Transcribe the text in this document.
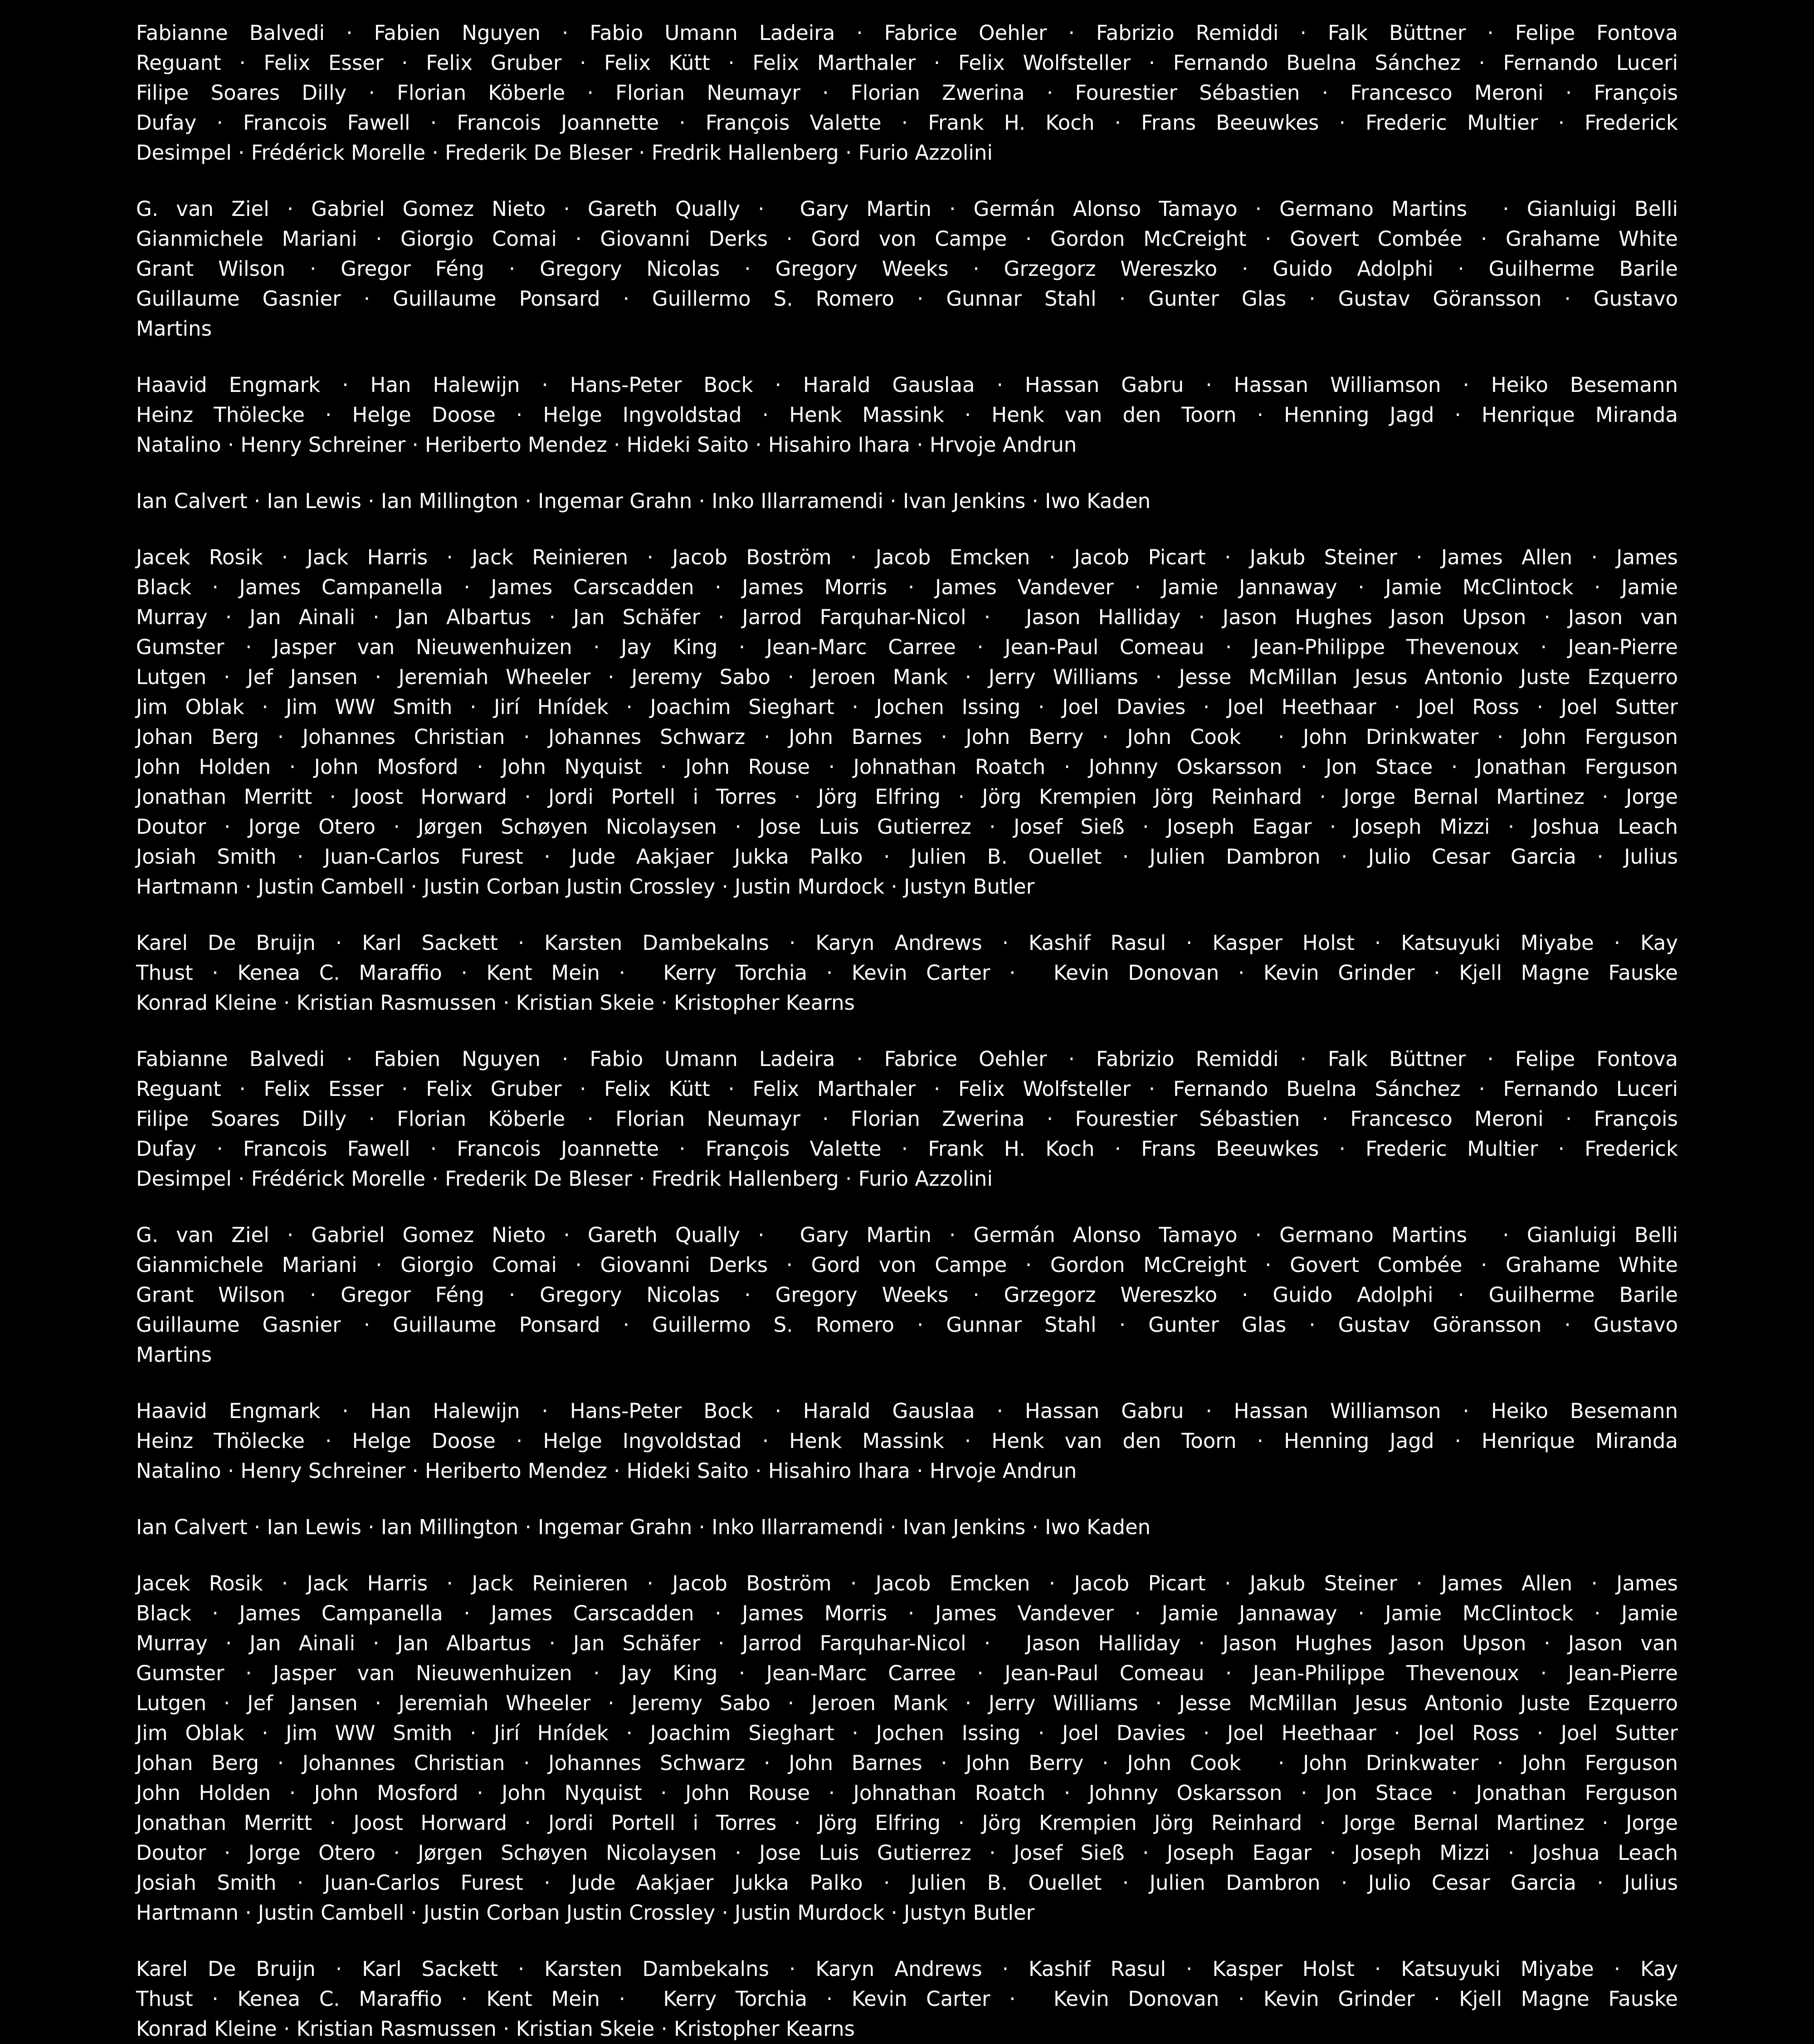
Fabianne Balvedi · Fabien Nguyen · Fabio Umann Ladeira · Fabrice Oehler · Fabrizio Remiddi · Falk Büttner · Felipe Fontova
Reguant · Felix Esser · Felix Gruber · Felix Kütt · Felix Marthaler · Felix Wolfsteller · Fernando Buelna Sánchez · Fernando Luceri
Filipe Soares Dilly · Florian Köberle · Florian Neumayr · Florian Zwerina · Fourestier Sébastien · Francesco Meroni · François
Dufay · Francois Fawell · Francois Joannette · François Valette · Frank H. Koch · Frans Beeuwkes · Frederic Multier · Frederick
Desimpel · Frédérick Morelle · Frederik De Bleser · Fredrik Hallenberg · Furio Azzolini
G. van Ziel · Gabriel Gomez Nieto · Gareth Qually ·  Gary Martin · Germán Alonso Tamayo · Germano Martins  · Gianluigi Belli
Gianmichele Mariani · Giorgio Comai · Giovanni Derks · Gord von Campe · Gordon McCreight · Govert Combée · Grahame White
Grant Wilson · Gregor Féng · Gregory Nicolas · Gregory Weeks · Grzegorz Wereszko · Guido Adolphi · Guilherme Barile
Guillaume Gasnier · Guillaume Ponsard · Guillermo S. Romero · Gunnar Stahl · Gunter Glas · Gustav Göransson · Gustavo
Martins
Haavid Engmark · Han Halewijn · Hans-Peter Bock · Harald Gauslaa · Hassan Gabru · Hassan Williamson · Heiko Besemann
Heinz Thölecke · Helge Doose · Helge Ingvoldstad · Henk Massink · Henk van den Toorn · Henning Jagd · Henrique Miranda
Natalino · Henry Schreiner · Heriberto Mendez · Hideki Saito · Hisahiro Ihara · Hrvoje Andrun
Ian Calvert · Ian Lewis · Ian Millington · Ingemar Grahn · Inko Illarramendi · Ivan Jenkins · Iwo Kaden
Jacek Rosik · Jack Harris · Jack Reinieren · Jacob Boström · Jacob Emcken · Jacob Picart · Jakub Steiner · James Allen · James
Black · James Campanella · James Carscadden · James Morris · James Vandever · Jamie Jannaway · Jamie McClintock · Jamie
Murray · Jan Ainali · Jan Albartus · Jan Schäfer · Jarrod Farquhar-Nicol ·  Jason Halliday · Jason Hughes Jason Upson · Jason van
Gumster · Jasper van Nieuwenhuizen · Jay King · Jean-Marc Carree · Jean-Paul Comeau · Jean-Philippe Thevenoux · Jean-Pierre
Lutgen · Jef Jansen · Jeremiah Wheeler · Jeremy Sabo · Jeroen Mank · Jerry Williams · Jesse McMillan Jesus Antonio Juste Ezquerro
Jim Oblak · Jim WW Smith · Jirí Hnídek · Joachim Sieghart · Jochen Issing · Joel Davies · Joel Heethaar · Joel Ross · Joel Sutter
Johan Berg · Johannes Christian · Johannes Schwarz · John Barnes · John Berry · John Cook  · John Drinkwater · John Ferguson
John Holden · John Mosford · John Nyquist · John Rouse · Johnathan Roatch · Johnny Oskarsson · Jon Stace · Jonathan Ferguson
Jonathan Merritt · Joost Horward · Jordi Portell i Torres · Jörg Elfring · Jörg Krempien Jörg Reinhard · Jorge Bernal Martinez · Jorge
Doutor · Jorge Otero · Jørgen Schøyen Nicolaysen · Jose Luis Gutierrez · Josef Sieß · Joseph Eagar · Joseph Mizzi · Joshua Leach
Josiah Smith · Juan-Carlos Furest · Jude Aakjaer Jukka Palko · Julien B. Ouellet · Julien Dambron · Julio Cesar Garcia · Julius
Hartmann · Justin Cambell · Justin Corban Justin Crossley · Justin Murdock · Justyn Butler
Karel De Bruijn · Karl Sackett · Karsten Dambekalns · Karyn Andrews · Kashif Rasul · Kasper Holst · Katsuyuki Miyabe · Kay
Thust · Kenea C. Maraffio · Kent Mein ·  Kerry Torchia · Kevin Carter ·  Kevin Donovan · Kevin Grinder · Kjell Magne Fauske
Konrad Kleine · Kristian Rasmussen · Kristian Skeie · Kristopher Kearns
Fabianne Balvedi · Fabien Nguyen · Fabio Umann Ladeira · Fabrice Oehler · Fabrizio Remiddi · Falk Büttner · Felipe Fontova
Reguant · Felix Esser · Felix Gruber · Felix Kütt · Felix Marthaler · Felix Wolfsteller · Fernando Buelna Sánchez · Fernando Luceri
Filipe Soares Dilly · Florian Köberle · Florian Neumayr · Florian Zwerina · Fourestier Sébastien · Francesco Meroni · François
Dufay · Francois Fawell · Francois Joannette · François Valette · Frank H. Koch · Frans Beeuwkes · Frederic Multier · Frederick
Desimpel · Frédérick Morelle · Frederik De Bleser · Fredrik Hallenberg · Furio Azzolini
G. van Ziel · Gabriel Gomez Nieto · Gareth Qually ·  Gary Martin · Germán Alonso Tamayo · Germano Martins  · Gianluigi Belli
Gianmichele Mariani · Giorgio Comai · Giovanni Derks · Gord von Campe · Gordon McCreight · Govert Combée · Grahame White
Grant Wilson · Gregor Féng · Gregory Nicolas · Gregory Weeks · Grzegorz Wereszko · Guido Adolphi · Guilherme Barile
Guillaume Gasnier · Guillaume Ponsard · Guillermo S. Romero · Gunnar Stahl · Gunter Glas · Gustav Göransson · Gustavo
Martins
Haavid Engmark · Han Halewijn · Hans-Peter Bock · Harald Gauslaa · Hassan Gabru · Hassan Williamson · Heiko Besemann
Heinz Thölecke · Helge Doose · Helge Ingvoldstad · Henk Massink · Henk van den Toorn · Henning Jagd · Henrique Miranda
Natalino · Henry Schreiner · Heriberto Mendez · Hideki Saito · Hisahiro Ihara · Hrvoje Andrun
Ian Calvert · Ian Lewis · Ian Millington · Ingemar Grahn · Inko Illarramendi · Ivan Jenkins · Iwo Kaden
Jacek Rosik · Jack Harris · Jack Reinieren · Jacob Boström · Jacob Emcken · Jacob Picart · Jakub Steiner · James Allen · James
Black · James Campanella · James Carscadden · James Morris · James Vandever · Jamie Jannaway · Jamie McClintock · Jamie
Murray · Jan Ainali · Jan Albartus · Jan Schäfer · Jarrod Farquhar-Nicol ·  Jason Halliday · Jason Hughes Jason Upson · Jason van
Gumster · Jasper van Nieuwenhuizen · Jay King · Jean-Marc Carree · Jean-Paul Comeau · Jean-Philippe Thevenoux · Jean-Pierre
Lutgen · Jef Jansen · Jeremiah Wheeler · Jeremy Sabo · Jeroen Mank · Jerry Williams · Jesse McMillan Jesus Antonio Juste Ezquerro
Jim Oblak · Jim WW Smith · Jirí Hnídek · Joachim Sieghart · Jochen Issing · Joel Davies · Joel Heethaar · Joel Ross · Joel Sutter
Johan Berg · Johannes Christian · Johannes Schwarz · John Barnes · John Berry · John Cook  · John Drinkwater · John Ferguson
John Holden · John Mosford · John Nyquist · John Rouse · Johnathan Roatch · Johnny Oskarsson · Jon Stace · Jonathan Ferguson
Jonathan Merritt · Joost Horward · Jordi Portell i Torres · Jörg Elfring · Jörg Krempien Jörg Reinhard · Jorge Bernal Martinez · Jorge
Doutor · Jorge Otero · Jørgen Schøyen Nicolaysen · Jose Luis Gutierrez · Josef Sieß · Joseph Eagar · Joseph Mizzi · Joshua Leach
Josiah Smith · Juan-Carlos Furest · Jude Aakjaer Jukka Palko · Julien B. Ouellet · Julien Dambron · Julio Cesar Garcia · Julius
Hartmann · Justin Cambell · Justin Corban Justin Crossley · Justin Murdock · Justyn Butler
Karel De Bruijn · Karl Sackett · Karsten Dambekalns · Karyn Andrews · Kashif Rasul · Kasper Holst · Katsuyuki Miyabe · Kay
Thust · Kenea C. Maraffio · Kent Mein ·  Kerry Torchia · Kevin Carter ·  Kevin Donovan · Kevin Grinder · Kjell Magne Fauske
Konrad Kleine · Kristian Rasmussen · Kristian Skeie · Kristopher Kearns
